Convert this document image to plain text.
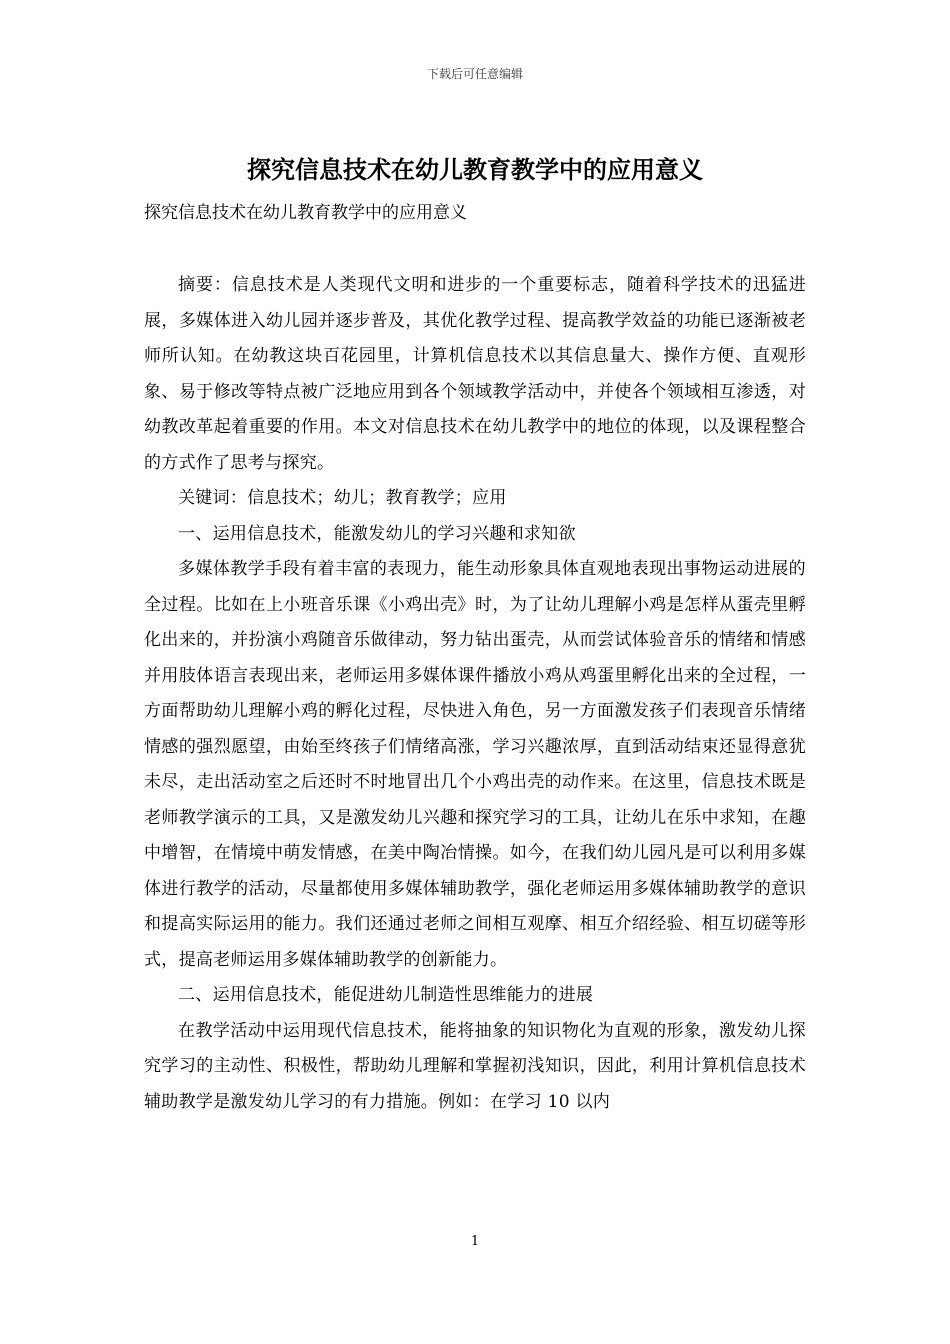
下载后可任意编辑
探究信息技术在幼儿教育教学中的应用意义

探究信息技术在幼儿教育教学中的应用意义

摘要：信息技术是人类现代文明和进步的一个重要标志，随着科学技术的迅猛进展，多媒体进入幼儿园并逐步普及，其优化教学过程、提高教学效益的功能已逐渐被老师所认知。在幼教这块百花园里，计算机信息技术以其信息量大、操作方便、直观形象、易于修改等特点被广泛地应用到各个领域教学活动中，并使各个领域相互渗透，对幼教改革起着重要的作用。本文对信息技术在幼儿教学中的地位的体现，以及课程整合的方式作了思考与探究。

关键词：信息技术；幼儿；教育教学；应用

一、运用信息技术，能激发幼儿的学习兴趣和求知欲

多媒体教学手段有着丰富的表现力，能生动形象具体直观地表现出事物运动进展的全过程。比如在上小班音乐课《小鸡出壳》时，为了让幼儿理解小鸡是怎样从蛋壳里孵化出来的，并扮演小鸡随音乐做律动，努力钻出蛋壳，从而尝试体验音乐的情绪和情感并用肢体语言表现出来，老师运用多媒体课件播放小鸡从鸡蛋里孵化出来的全过程，一方面帮助幼儿理解小鸡的孵化过程，尽快进入角色，另一方面激发孩子们表现音乐情绪情感的强烈愿望，由始至终孩子们情绪高涨，学习兴趣浓厚，直到活动结束还显得意犹未尽，走出活动室之后还时不时地冒出几个小鸡出壳的动作来。在这里，信息技术既是老师教学演示的工具，又是激发幼儿兴趣和探究学习的工具，让幼儿在乐中求知，在趣中增智，在情境中萌发情感，在美中陶冶情操。如今，在我们幼儿园凡是可以利用多媒体进行教学的活动，尽量都使用多媒体辅助教学，强化老师运用多媒体辅助教学的意识和提高实际运用的能力。我们还通过老师之间相互观摩、相互介绍经验、相互切磋等形式，提高老师运用多媒体辅助教学的创新能力。

二、运用信息技术，能促进幼儿制造性思维能力的进展

在教学活动中运用现代信息技术，能将抽象的知识物化为直观的形象，激发幼儿探究学习的主动性、积极性，帮助幼儿理解和掌握初浅知识，因此，利用计算机信息技术辅助教学是激发幼儿学习的有力措施。例如：在学习 10 以内

1
